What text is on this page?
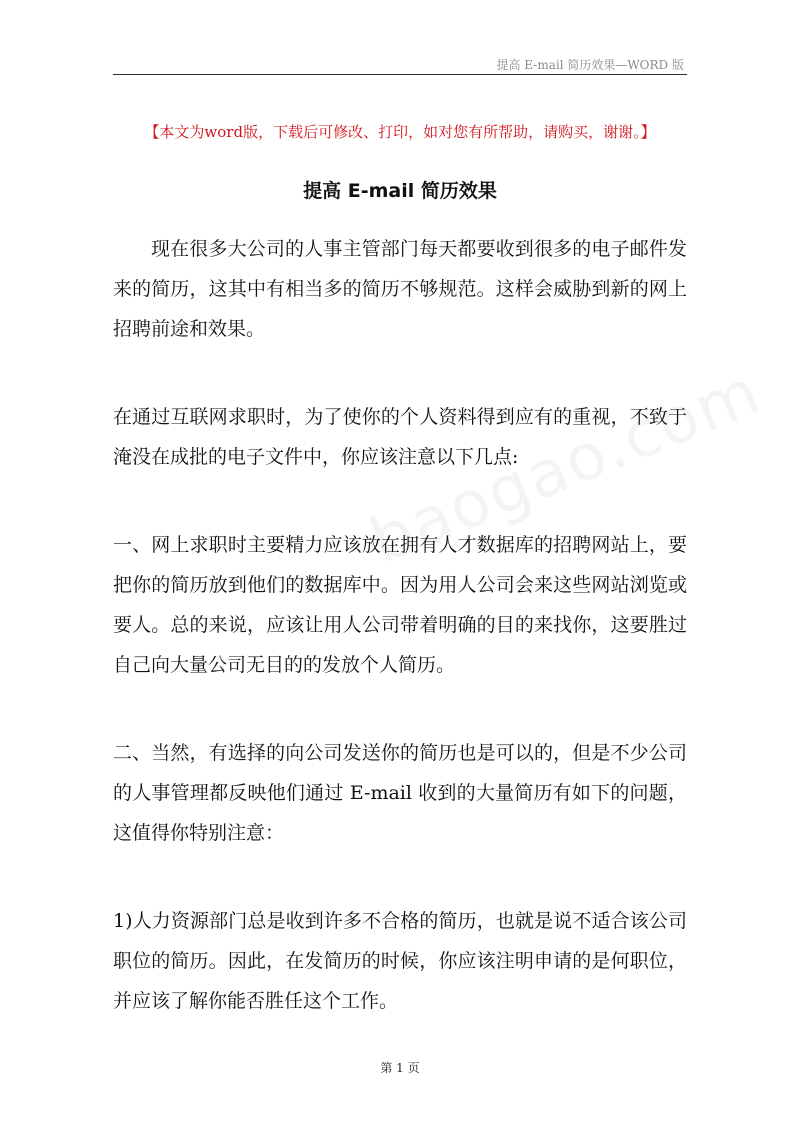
提高 E-mail 简历效果—WORD 版
【本文为word版，下载后可修改、打印，如对您有所帮助，请购买，谢谢。】
提高 E-mail 简历效果

现在很多大公司的人事主管部门每天都要收到很多的电子邮件发来的简历，这其中有相当多的简历不够规范。这样会威胁到新的网上招聘前途和效果。

在通过互联网求职时，为了使你的个人资料得到应有的重视，不致于淹没在成批的电子文件中，你应该注意以下几点:

一、网上求职时主要精力应该放在拥有人才数据库的招聘网站上，要把你的简历放到他们的数据库中。因为用人公司会来这些网站浏览或要人。总的来说，应该让用人公司带着明确的目的来找你，这要胜过自己向大量公司无目的的发放个人简历。

二、当然，有选择的向公司发送你的简历也是可以的，但是不少公司的人事管理都反映他们通过 E-mail 收到的大量简历有如下的问题，这值得你特别注意：

1)人力资源部门总是收到许多不合格的简历，也就是说不适合该公司职位的简历。因此，在发简历的时候，你应该注明申请的是何职位，并应该了解你能否胜任这个工作。

第 1 页
